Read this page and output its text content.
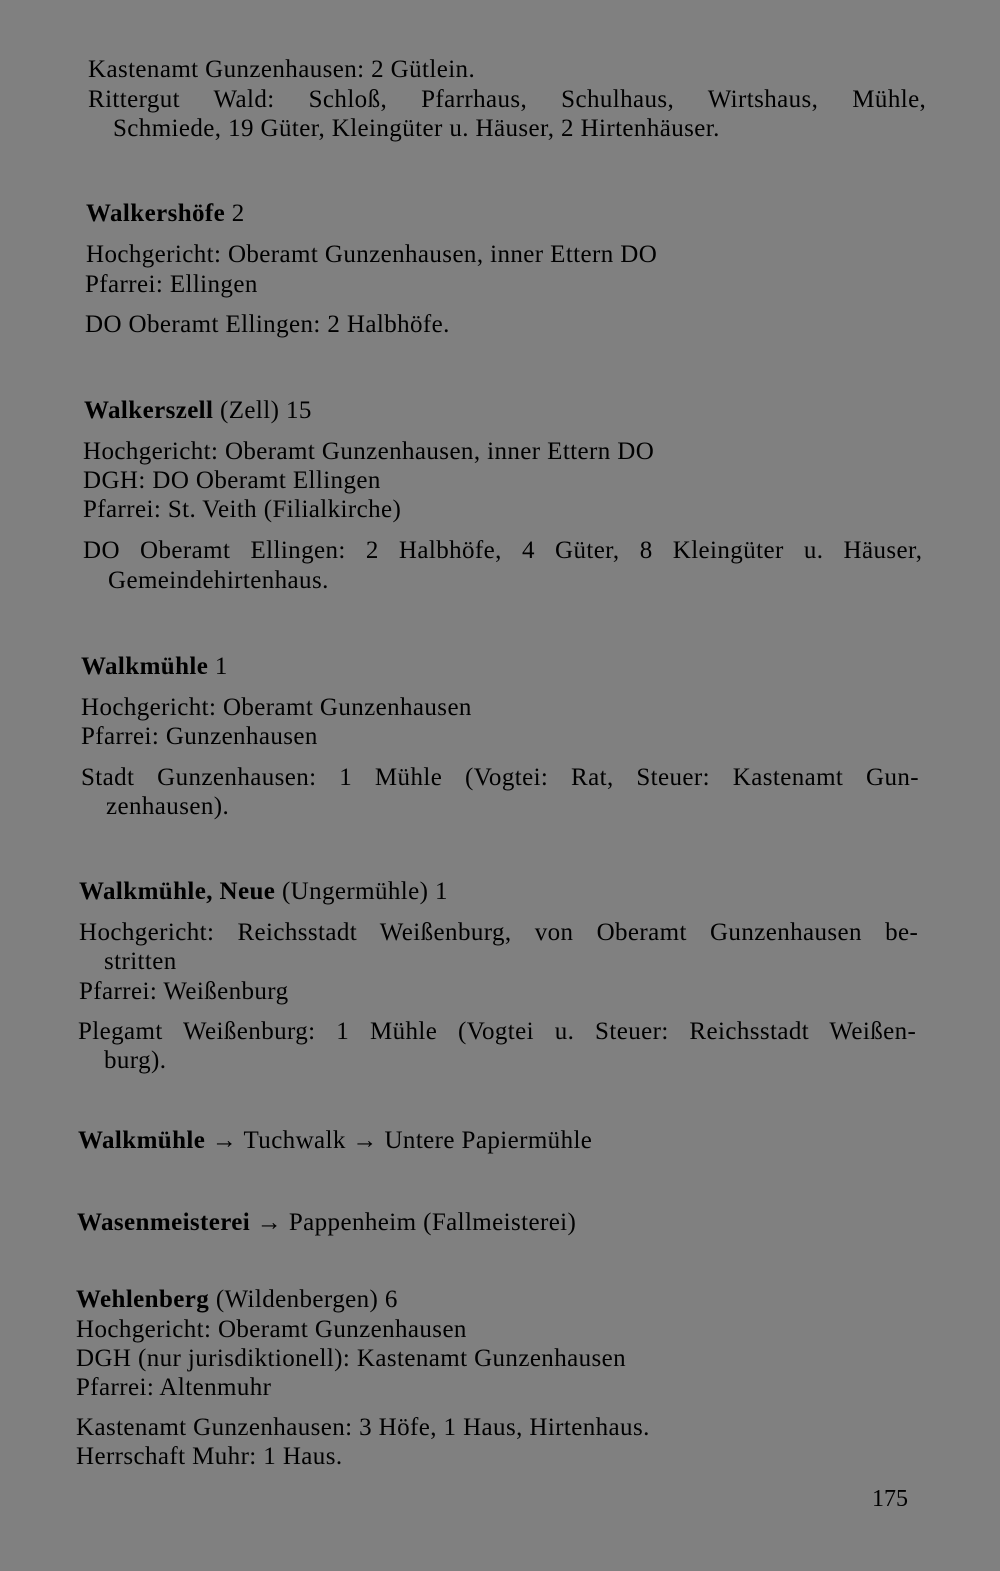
Kastenamt Gunzenhausen: 2 Gütlein.
Rittergut Wald: Schloß, Pfarrhaus, Schulhaus, Wirtshaus, Mühle,
Schmiede, 19 Güter, Kleingüter u. Häuser, 2 Hirtenhäuser.
Walkershöfe 2
Hochgericht: Oberamt Gunzenhausen, inner Ettern DO
Pfarrei: Ellingen
DO Oberamt Ellingen: 2 Halbhöfe.
Walkerszell (Zell) 15
Hochgericht: Oberamt Gunzenhausen, inner Ettern DO
DGH: DO Oberamt Ellingen
Pfarrei: St. Veith (Filialkirche)
DO Oberamt Ellingen: 2 Halbhöfe, 4 Güter, 8 Kleingüter u. Häuser,
Gemeindehirtenhaus.
Walkmühle 1
Hochgericht: Oberamt Gunzenhausen
Pfarrei: Gunzenhausen
Stadt Gunzenhausen: 1 Mühle (Vogtei: Rat, Steuer: Kastenamt Gun-
zenhausen).
Walkmühle, Neue (Ungermühle) 1
Hochgericht: Reichsstadt Weißenburg, von Oberamt Gunzenhausen be-
stritten
Pfarrei: Weißenburg
Plegamt Weißenburg: 1 Mühle (Vogtei u. Steuer: Reichsstadt Weißen-
burg).
Walkmühle → Tuchwalk → Untere Papiermühle
Wasenmeisterei → Pappenheim (Fallmeisterei)
Wehlenberg (Wildenbergen) 6
Hochgericht: Oberamt Gunzenhausen
DGH (nur jurisdiktionell): Kastenamt Gunzenhausen
Pfarrei: Altenmuhr
Kastenamt Gunzenhausen: 3 Höfe, 1 Haus, Hirtenhaus.
Herrschaft Muhr: 1 Haus.
175
